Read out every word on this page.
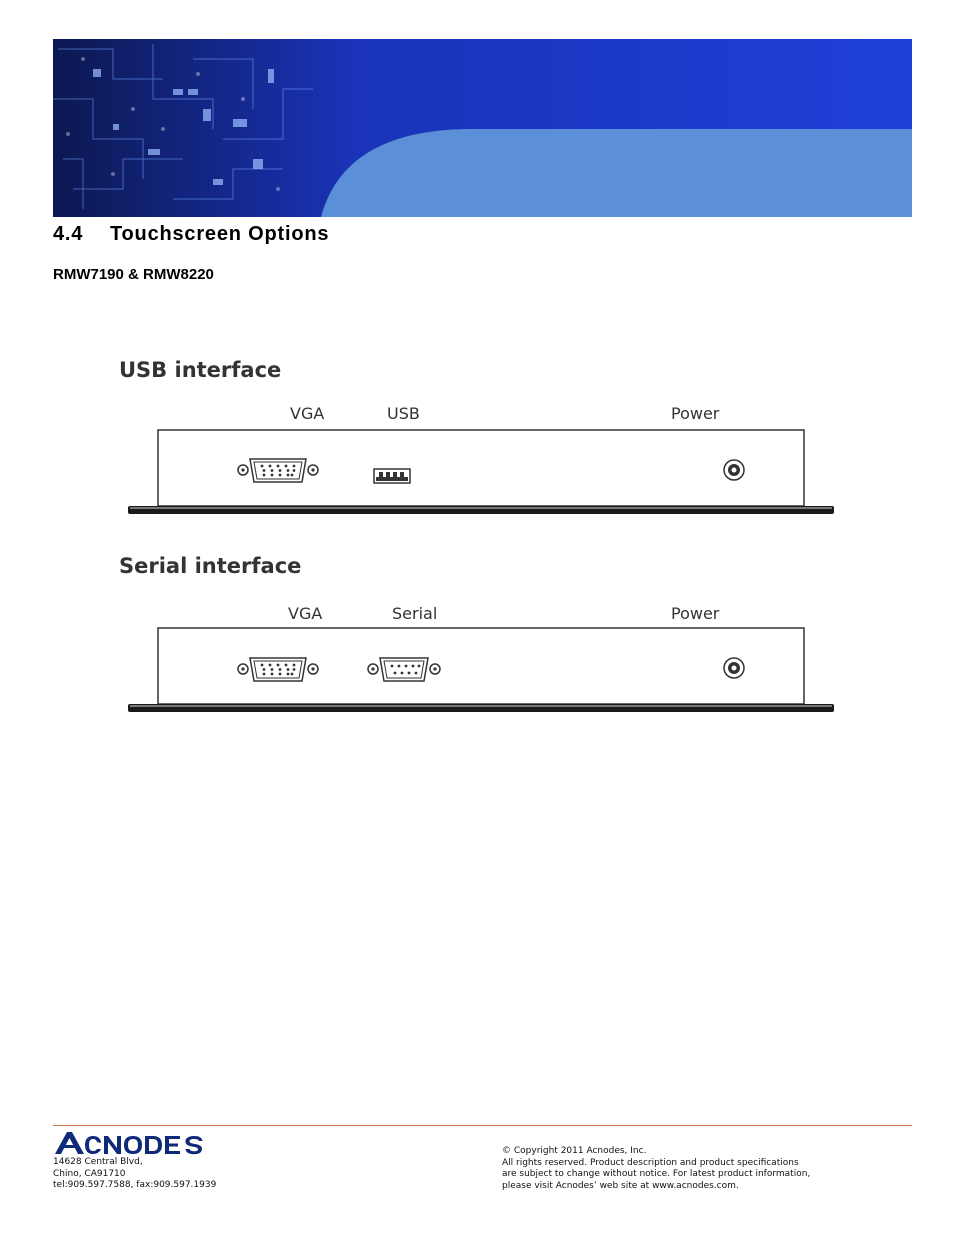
4.4 Touchscreen Options
RMW7190 & RMW8220
USB interface
VGA	USB	Power
Serial interface
VGA	Serial	Power
14628 Central Blvd,
Chino, CA91710
tel:909.597.7588, fax:909.597.1939
© Copyright 2011 Acnodes, Inc.
All rights reserved. Product description and product specifications
are subject to change without notice. For latest product information,
please visit Acnodes’ web site at www.acnodes.com.
